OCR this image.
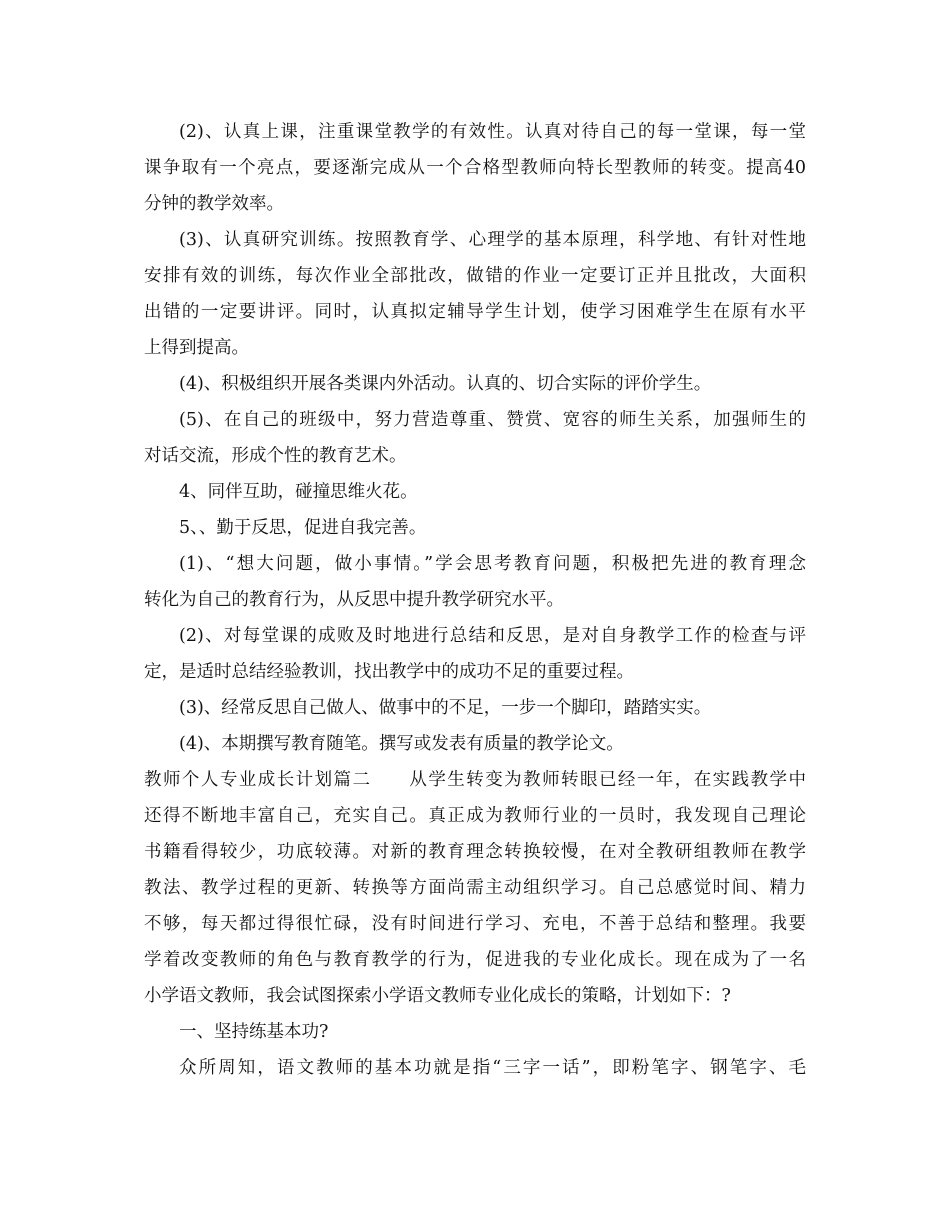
(2)、认真上课，注重课堂教学的有效性。认真对待自己的每一堂课，每一堂

课争取有一个亮点，要逐渐完成从一个合格型教师向特长型教师的转变。提高40

分钟的教学效率。

(3)、认真研究训练。按照教育学、心理学的基本原理，科学地、有针对性地

安排有效的训练，每次作业全部批改，做错的作业一定要订正并且批改，大面积

出错的一定要讲评。同时，认真拟定辅导学生计划，使学习困难学生在原有水平

上得到提高。

(4)、积极组织开展各类课内外活动。认真的、切合实际的评价学生。

(5)、在自己的班级中，努力营造尊重、赞赏、宽容的师生关系，加强师生的

对话交流，形成个性的教育艺术。

4、同伴互助，碰撞思维火花。

5、、勤于反思，促进自我完善。

(1)、“想大问题，做小事情。”学会思考教育问题，积极把先进的教育理念

转化为自己的教育行为，从反思中提升教学研究水平。

(2)、对每堂课的成败及时地进行总结和反思，是对自身教学工作的检查与评

定，是适时总结经验教训，找出教学中的成功不足的重要过程。

(3)、经常反思自己做人、做事中的不足，一步一个脚印，踏踏实实。

(4)、本期撰写教育随笔。撰写或发表有质量的教学论文。

教师个人专业成长计划篇二　　从学生转变为教师转眼已经一年，在实践教学中

还得不断地丰富自己，充实自己。真正成为教师行业的一员时，我发现自己理论

书籍看得较少，功底较薄。对新的教育理念转换较慢，在对全教研组教师在教学

教法、教学过程的更新、转换等方面尚需主动组织学习。自己总感觉时间、精力

不够，每天都过得很忙碌，没有时间进行学习、充电，不善于总结和整理。我要

学着改变教师的角色与教育教学的行为，促进我的专业化成长。现在成为了一名

小学语文教师，我会试图探索小学语文教师专业化成长的策略，计划如下：?

一、坚持练基本功?

众所周知，语文教师的基本功就是指“三字一话”，即粉笔字、钢笔字、毛
